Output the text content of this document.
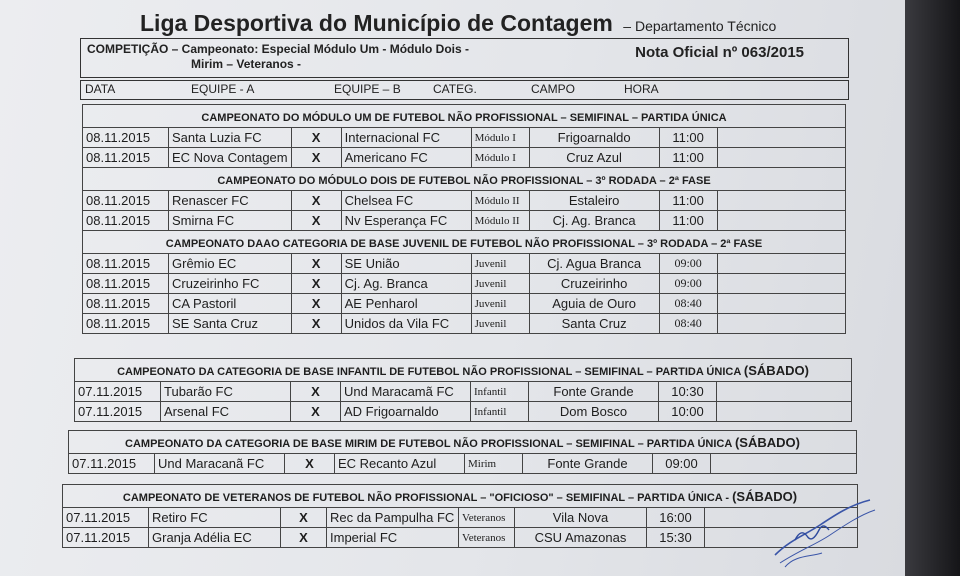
Liga Desportiva do Município de Contagem – Departamento Técnico
COMPETIÇÃO – Campeonato: Especial Módulo Um - Módulo Dois -
Mirim – Veteranos -
Nota Oficial nº 063/2015
DATA	EQUIPE - A	EQUIPE – B	CATEG.	CAMPO	HORA
CAMPEONATO DO MÓDULO UM DE FUTEBOL NÃO PROFISSIONAL – SEMIFINAL – PARTIDA ÚNICA							
08.11.2015	Santa Luzia FC	X	Internacional FC	Módulo I	Frigoarnaldo	11:00	
08.11.2015	EC Nova Contagem	X	Americano FC	Módulo I	Cruz Azul	11:00	
CAMPEONATO DO MÓDULO DOIS DE FUTEBOL NÃO PROFISSIONAL – 3º RODADA – 2ª FASE							
08.11.2015	Renascer FC	X	Chelsea FC	Módulo II	Estaleiro	11:00	
08.11.2015	Smirna FC	X	Nv Esperança FC	Módulo II	Cj. Ag. Branca	11:00	
CAMPEONATO DAAO CATEGORIA DE BASE JUVENIL DE FUTEBOL NÃO PROFISSIONAL – 3º RODADA – 2ª FASE							
08.11.2015	Grêmio EC	X	SE União	Juvenil	Cj. Agua Branca	09:00	
08.11.2015	Cruzeirinho FC	X	Cj. Ag. Branca	Juvenil	Cruzeirinho	09:00	
08.11.2015	CA Pastoril	X	AE Penharol	Juvenil	Aguia de Ouro	08:40	
08.11.2015	SE Santa Cruz	X	Unidos da Vila FC	Juvenil	Santa Cruz	08:40	
CAMPEONATO DA CATEGORIA DE BASE INFANTIL DE FUTEBOL NÃO PROFISSIONAL – SEMIFINAL – PARTIDA ÚNICA (SÁBADO)							
07.11.2015	Tubarão FC	X	Und Maracamã FC	Infantil	Fonte Grande	10:30	
07.11.2015	Arsenal FC	X	AD Frigoarnaldo	Infantil	Dom Bosco	10:00	
CAMPEONATO DA CATEGORIA DE BASE MIRIM DE FUTEBOL NÃO PROFISSIONAL – SEMIFINAL – PARTIDA ÚNICA (SÁBADO)
07.11.2015	Und Maracanã FC	X	EC Recanto Azul	Mirim	Fonte Grande	09:00	
CAMPEONATO DE VETERANOS DE FUTEBOL NÃO PROFISSIONAL – "OFICIOSO" – SEMIFINAL – PARTIDA ÚNICA - (SÁBADO)							
07.11.2015	Retiro FC	X	Rec da Pampulha FC	Veteranos	Vila Nova	16:00	
07.11.2015	Granja Adélia EC	X	Imperial FC	Veteranos	CSU Amazonas	15:30	
